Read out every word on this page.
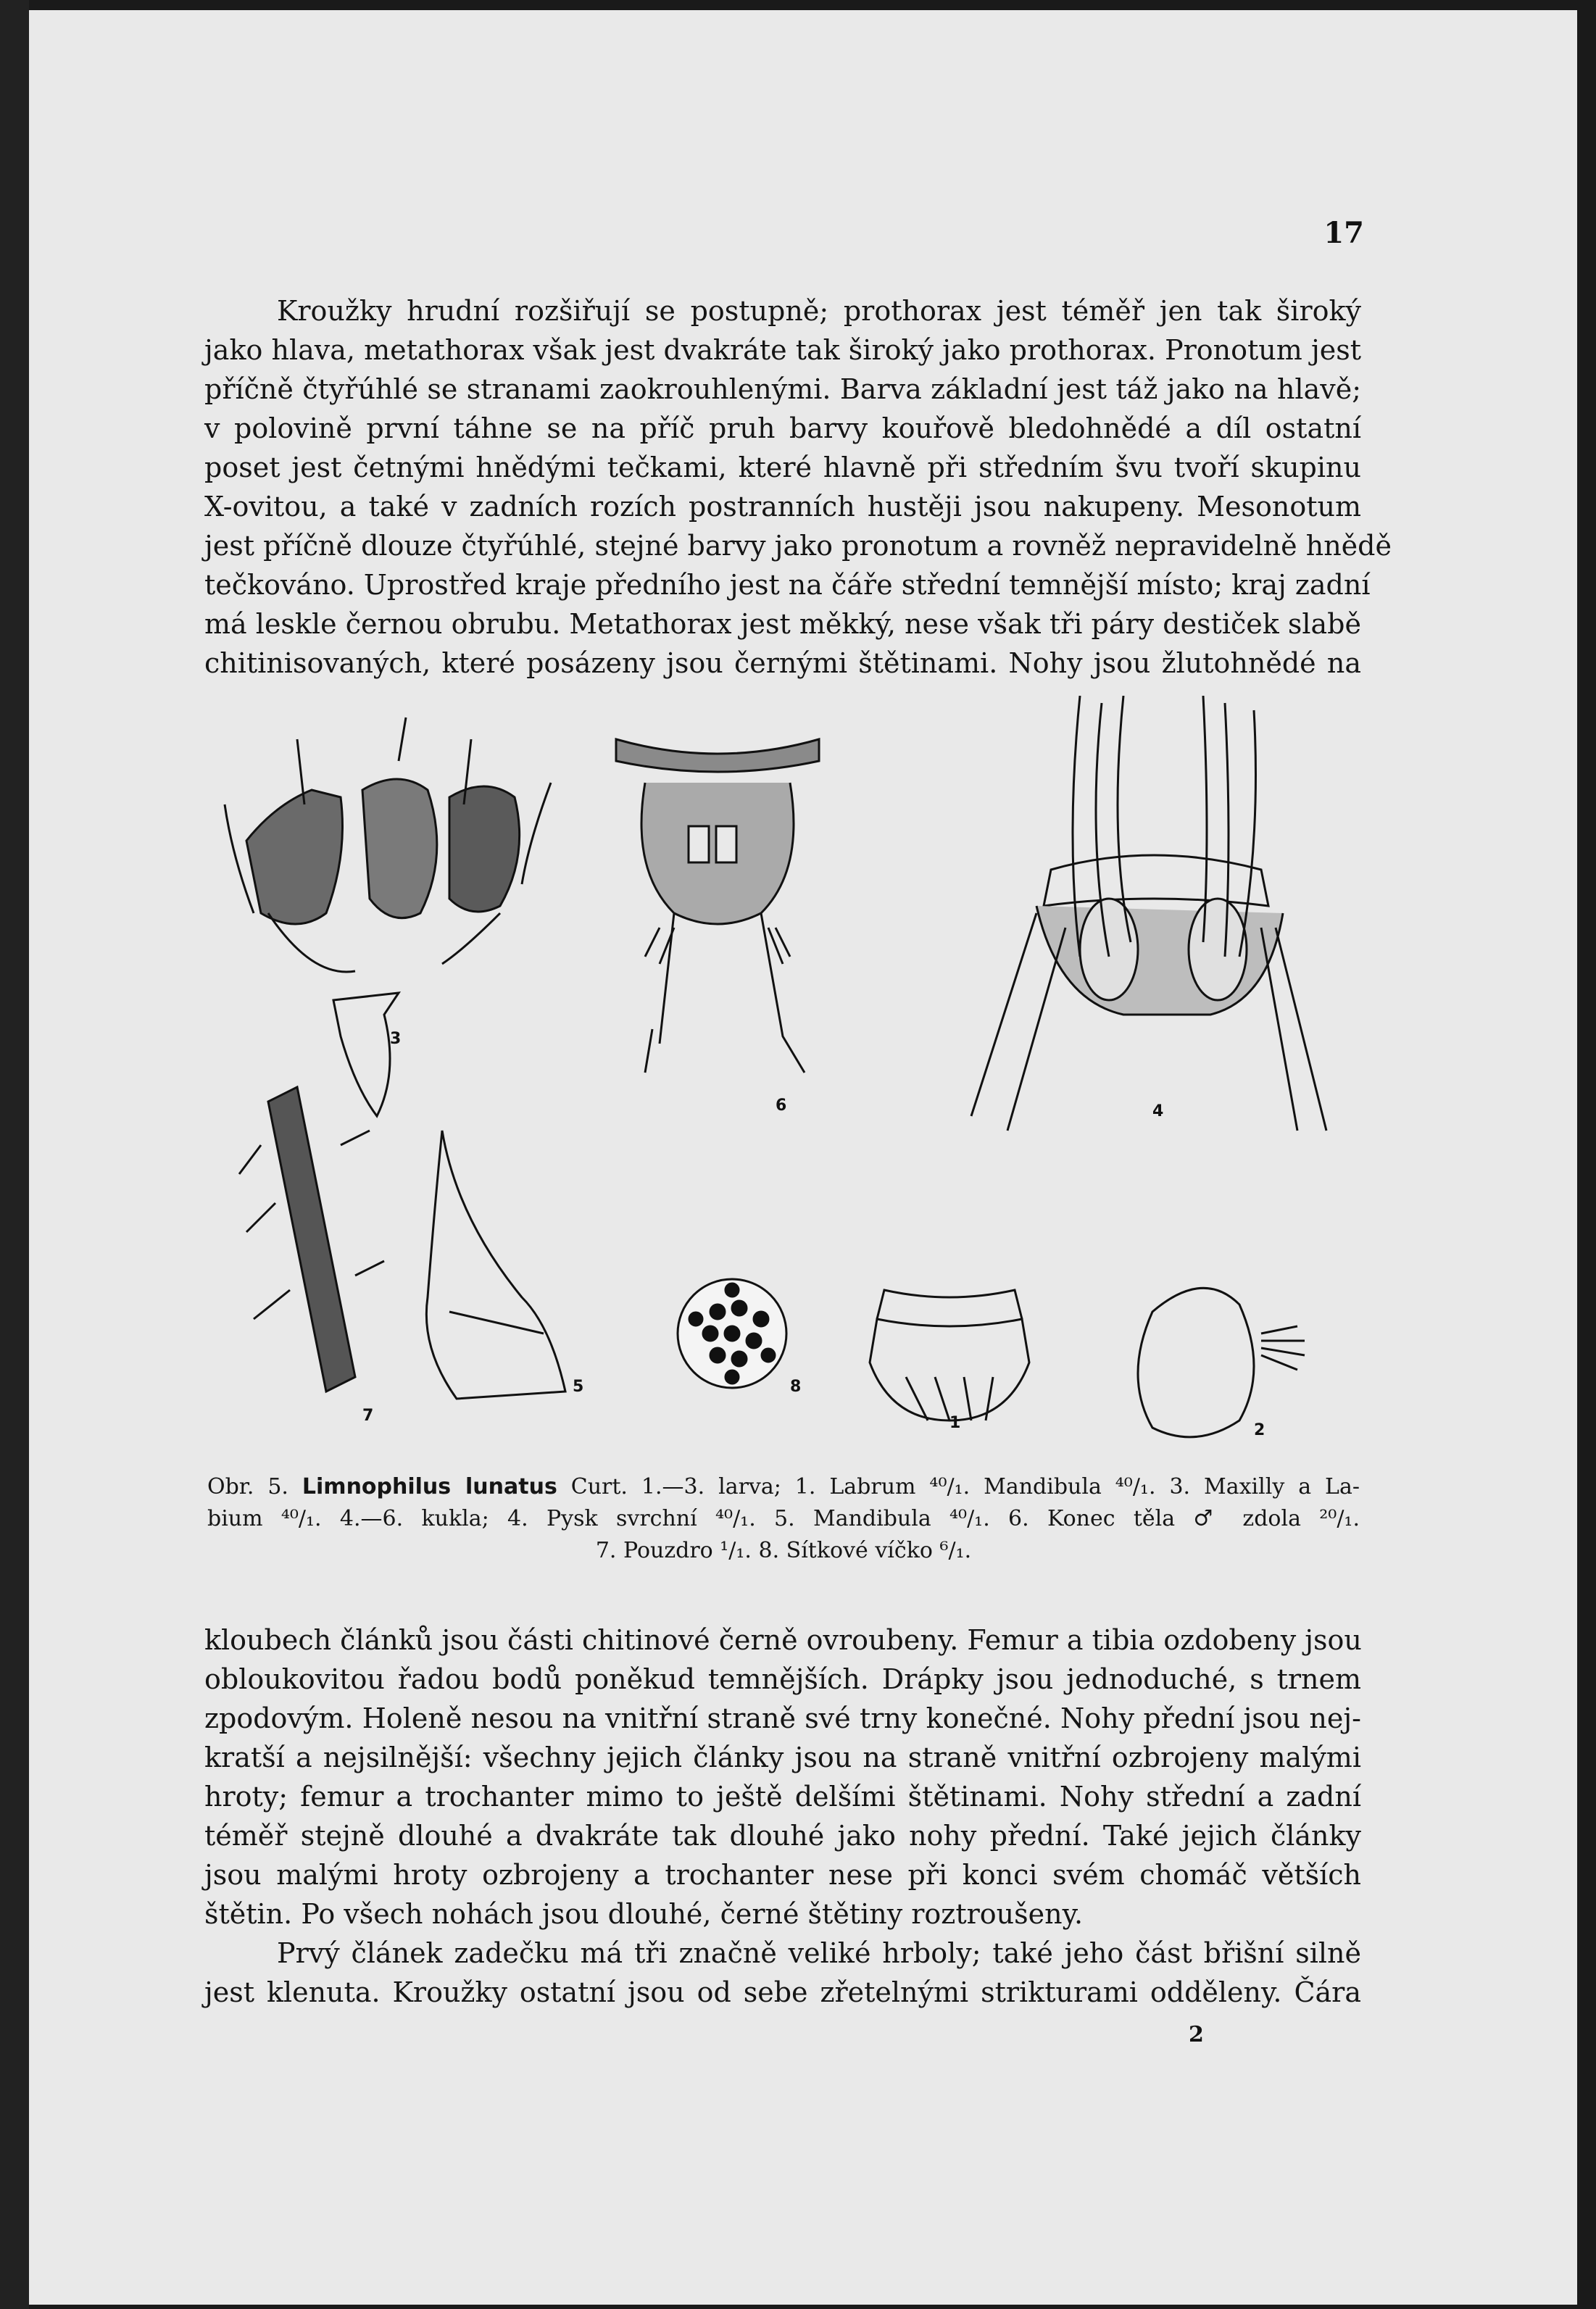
17
Kroužky hrudní rozšiřují se postupně; prothorax jest téměř jen tak široký
jako hlava, metathorax však jest dvakráte tak široký jako prothorax. Pronotum jest
příčně čtyřúhlé se stranami zaokrouhlenými. Barva základní jest táž jako na hlavě;
v polovině první táhne se na příč pruh barvy kouřově bledohnědé a díl ostatní
poset jest četnými hnědými tečkami, které hlavně při středním švu tvoří skupinu
X-ovitou, a také v zadních rozích postranních hustěji jsou nakupeny. Mesonotum
jest příčně dlouze čtyřúhlé, stejné barvy jako pronotum a rovněž nepravidelně hnědě
tečkováno. Uprostřed kraje předního jest na čáře střední temnější místo; kraj zadní
má leskle černou obrubu. Metathorax jest měkký, nese však tři páry destiček slabě
chitinisovaných, které posázeny jsou černými štětinami. Nohy jsou žlutohnědé na
3
6	4
7
5	8
1	2
Obr. 5. Limnophilus lunatus Curt. 1.—3. larva; 1. Labrum ⁴⁰/₁. Mandibula ⁴⁰/₁. 3. Maxilly a La-
bium ⁴⁰/₁. 4.—6. kukla; 4. Pysk svrchní ⁴⁰/₁. 5. Mandibula ⁴⁰/₁. 6. Konec těla ♂ zdola ²⁰/₁.
7. Pouzdro ¹/₁. 8. Sítkové víčko ⁶/₁.
kloubech článků jsou části chitinové černě ovroubeny. Femur a tibia ozdobeny jsou
obloukovitou řadou bodů poněkud temnějších. Drápky jsou jednoduché, s trnem
zpodovým. Holeně nesou na vnitřní straně své trny konečné. Nohy přední jsou nej-
kratší a nejsilnější: všechny jejich články jsou na straně vnitřní ozbrojeny malými
hroty; femur a trochanter mimo to ještě delšími štětinami. Nohy střední a zadní
téměř stejně dlouhé a dvakráte tak dlouhé jako nohy přední. Také jejich články
jsou malými hroty ozbrojeny a trochanter nese při konci svém chomáč větších
štětin. Po všech nohách jsou dlouhé, černé štětiny roztroušeny.
Prvý článek zadečku má tři značně veliké hrboly; také jeho část břišní silně
jest klenuta. Kroužky ostatní jsou od sebe zřetelnými strikturami odděleny. Čára
2
